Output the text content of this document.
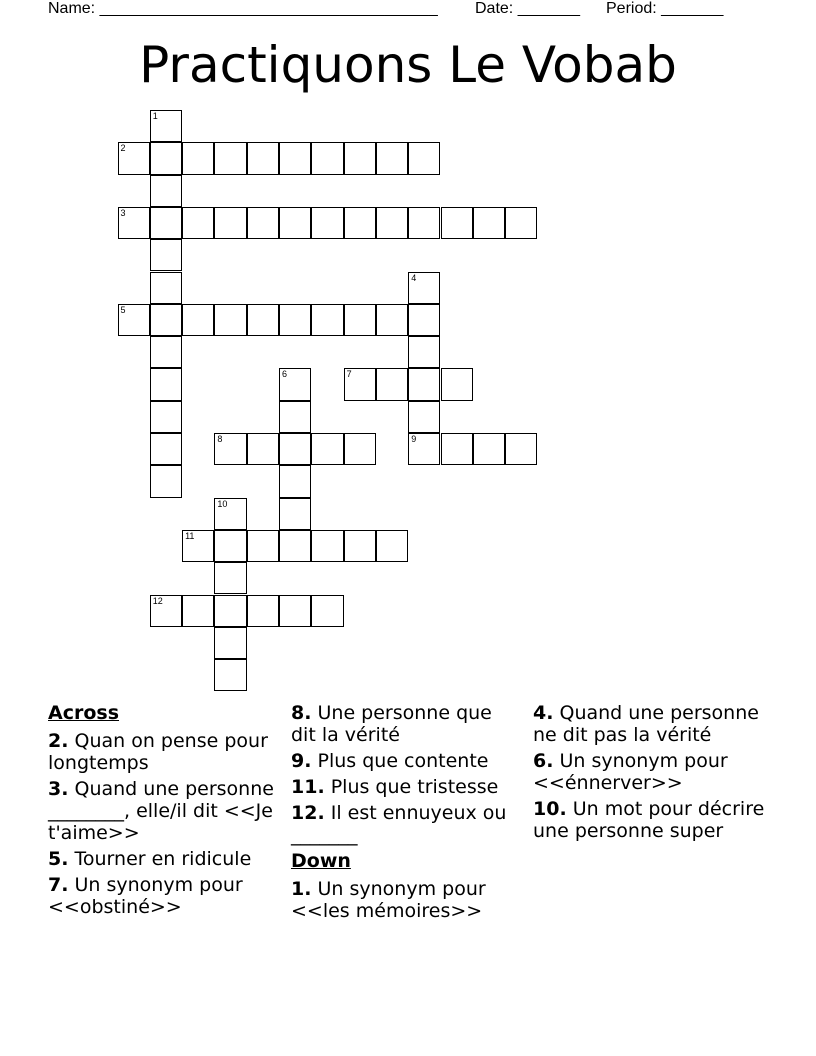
Name: ______________________________________ Date: _______ Period: _______
Practiquons Le Vobab
1
2
3
4
9
5
6	7
8
10
11
12
Across
2. Quan on pense pour longtemps
3. Quand une personne ________, elle/il dit <<Je t'aime>>
5. Tourner en ridicule
7. Un synonym pour <<obstiné>>
8. Une personne que dit la vérité
9. Plus que contente
11. Plus que tristesse
12. Il est ennuyeux ou _______
Down
1. Un synonym pour <<les mémoires>>
4. Quand une personne ne dit pas la vérité
6. Un synonym pour <<énnerver>>
10. Un mot pour décrire une personne super
